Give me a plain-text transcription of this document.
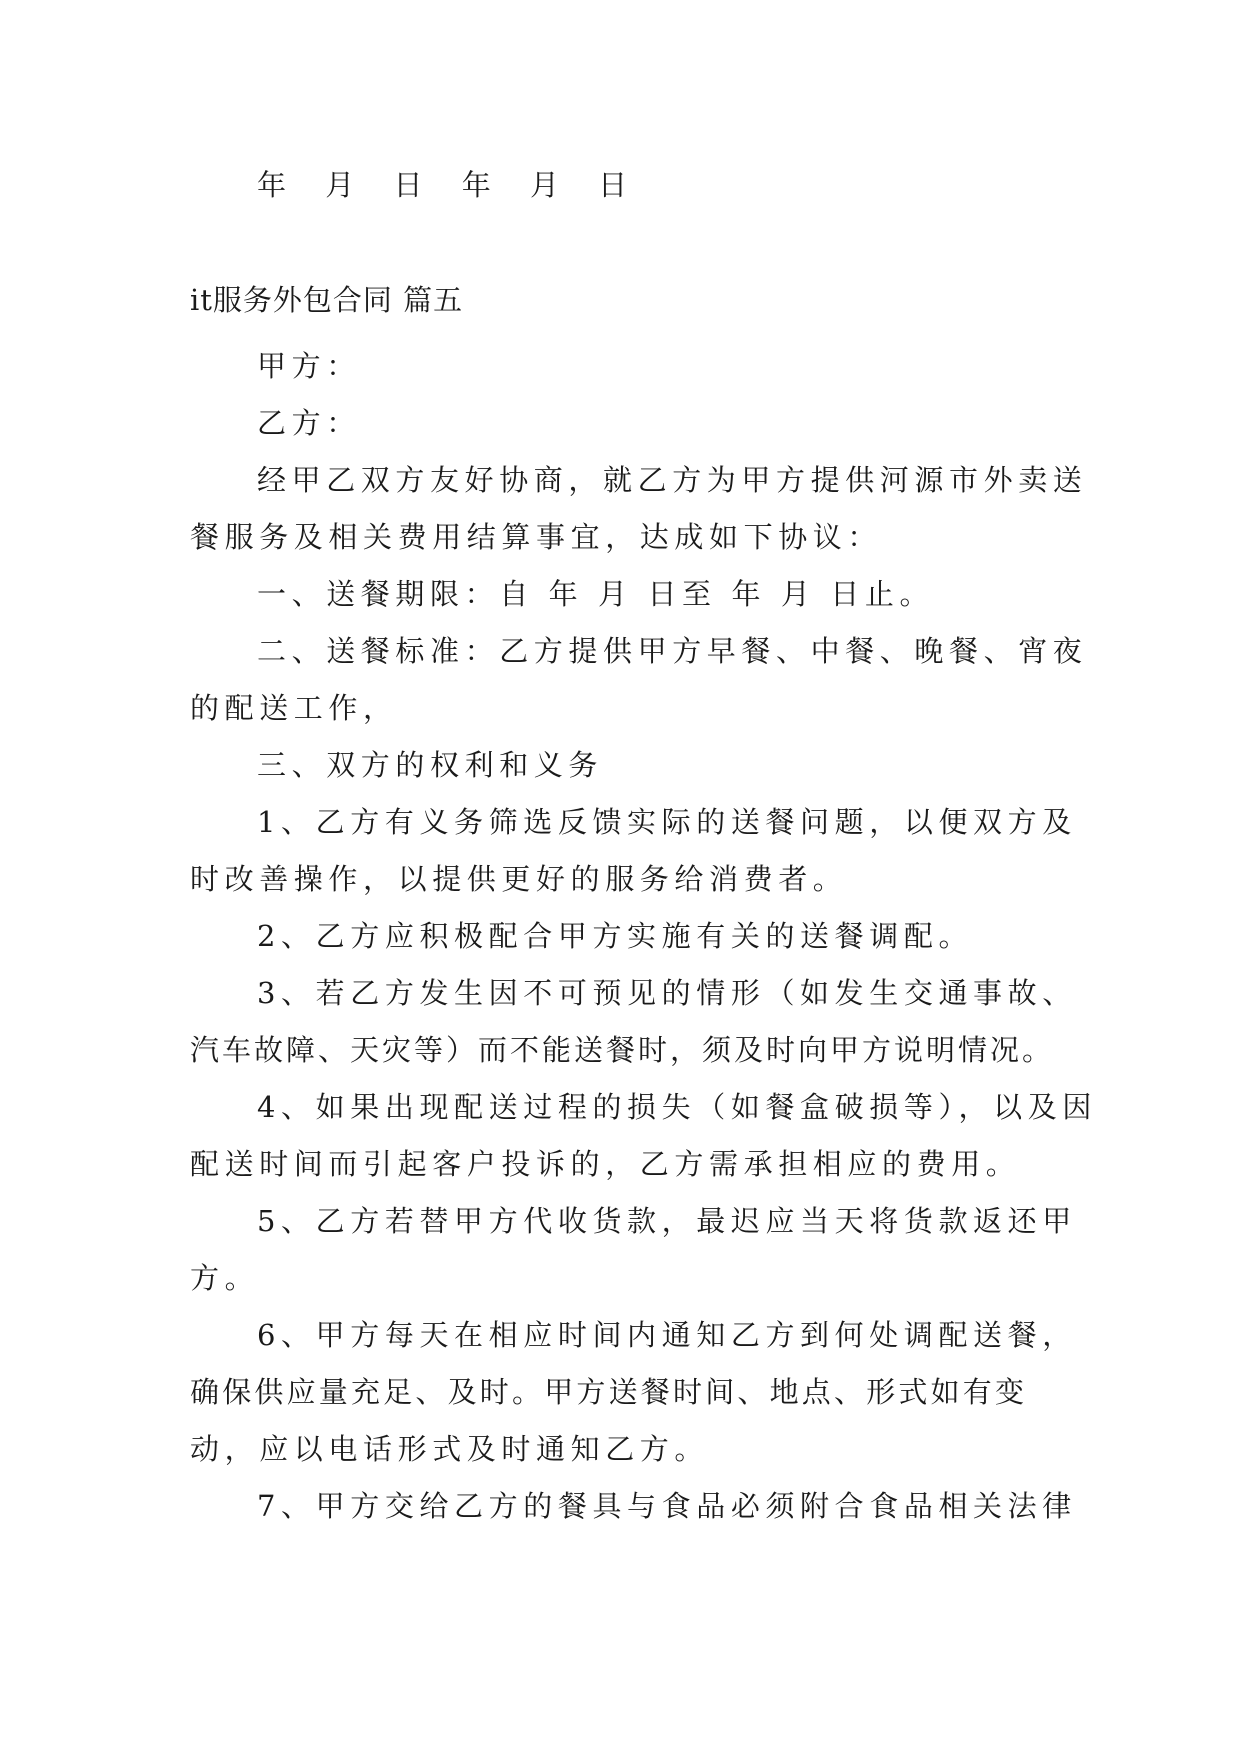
年 月 日 年 月 日
it服务外包合同 篇五
甲方：
乙方：
经甲乙双方友好协商，就乙方为甲方提供河源市外卖送
餐服务及相关费用结算事宜，达成如下协议：
一、送餐期限：自 年 月 日至 年 月 日止。
二、送餐标准：乙方提供甲方早餐、中餐、晚餐、宵夜
的配送工作，
三、双方的权利和义务
1、乙方有义务筛选反馈实际的送餐问题，以便双方及
时改善操作，以提供更好的服务给消费者。
2、乙方应积极配合甲方实施有关的送餐调配。
3、若乙方发生因不可预见的情形（如发生交通事故、
汽车故障、天灾等）而不能送餐时，须及时向甲方说明情况。
4、如果出现配送过程的损失（如餐盒破损等），以及因
配送时间而引起客户投诉的，乙方需承担相应的费用。
5、乙方若替甲方代收货款，最迟应当天将货款返还甲
方。
6、甲方每天在相应时间内通知乙方到何处调配送餐，
确保供应量充足、及时。甲方送餐时间、地点、形式如有变
动，应以电话形式及时通知乙方。
7、甲方交给乙方的餐具与食品必须附合食品相关法律
